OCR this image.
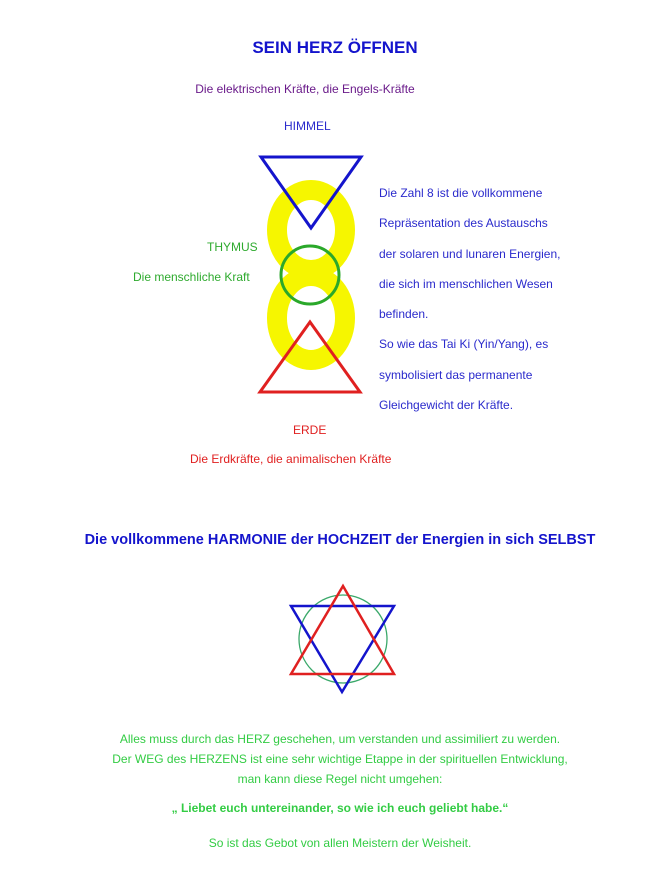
SEIN HERZ ÖFFNEN
Die elektrischen Kräfte, die Engels-Kräfte
HIMMEL
THYMUS
Die menschliche Kraft
Die Zahl 8 ist die vollkommene
Repräsentation des Austauschs
der solaren und lunaren Energien,
die sich im menschlichen Wesen
befinden.
So wie das Tai Ki (Yin/Yang), es
symbolisiert das permanente
Gleichgewicht der Kräfte.
ERDE
Die Erdkräfte, die animalischen Kräfte
Die vollkommene HARMONIE der HOCHZEIT der Energien in sich SELBST
Alles muss durch das HERZ geschehen, um verstanden und assimiliert zu werden.
Der WEG des HERZENS ist eine sehr wichtige Etappe in der spirituellen Entwicklung,
man kann diese Regel nicht umgehen:
„ Liebet euch untereinander, so wie ich euch geliebt habe.“
So ist das Gebot von allen Meistern der Weisheit.
